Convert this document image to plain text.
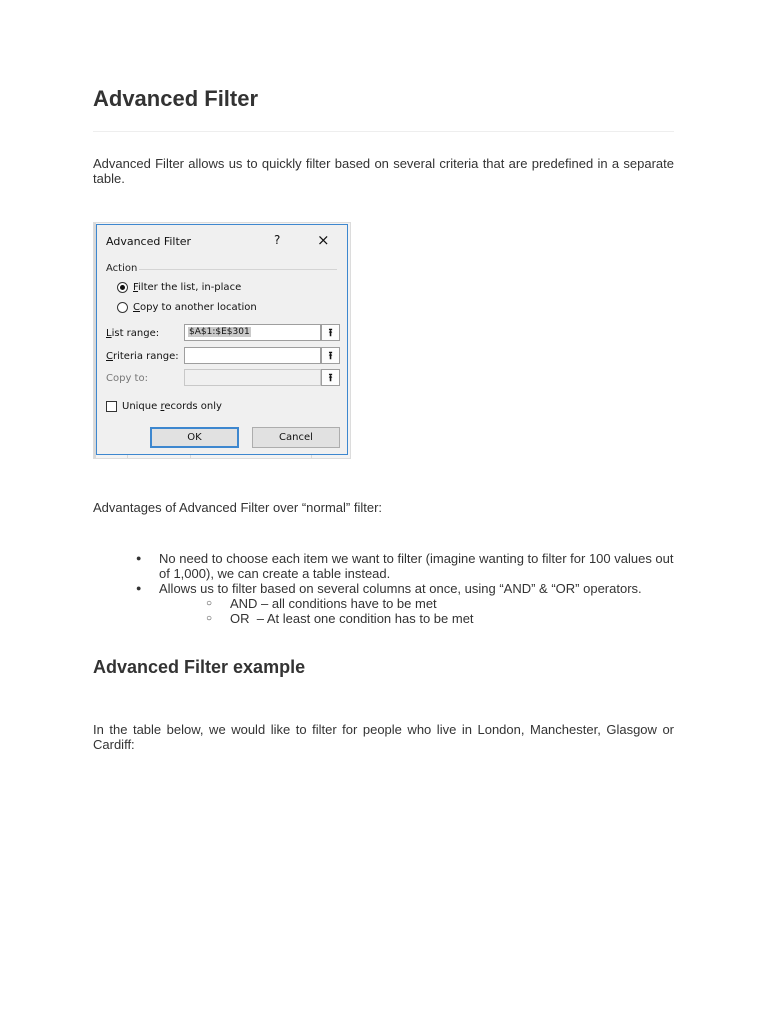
Advanced Filter

Advanced Filter allows us to quickly filter based on several criteria that are predefined in a separate table.

Advanced Filter	? ×
Action
Filter the list, in-place
Copy to another location
List range:	$A$1:$E$301	⭱
Criteria range:	⭱
Copy to:	⭱
Unique records only
OK	Cancel

Advantages of Advanced Filter over “normal” filter:

● No need to choose each item we want to filter (imagine wanting to filter for 100 values out of 1,000), we can create a table instead.
● Allows us to filter based on several columns at once, using “AND” & “OR” operators.
○ AND – all conditions have to be met
○ OR  – At least one condition has to be met
Advanced Filter example

In the table below, we would like to filter for people who live in London, Manchester, Glasgow or Cardiff:
